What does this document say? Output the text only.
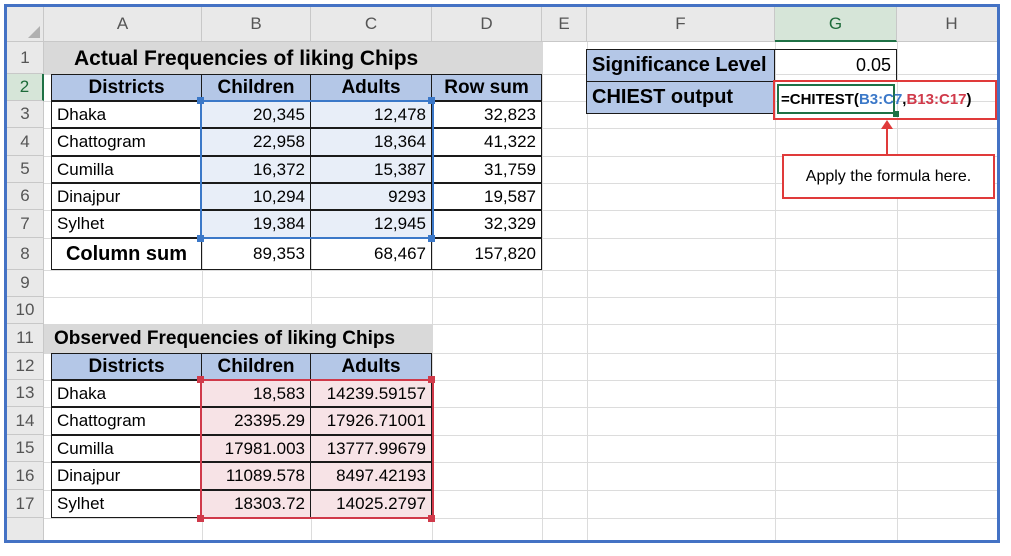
A	B	C	D	E	F	G	H
1
2
3
4
5
6
7
8
9
10
11
12
13
14
15
16
17
Actual Frequencies of liking Chips
Districts	Children	Adults	Row sum
Dhaka	20,345	12,478	32,823
Chattogram	22,958	18,364	41,322
Cumilla	16,372	15,387	31,759
Dinajpur	10,294	9293	19,587
Sylhet	19,384	12,945	32,329
Column sum	89,353	68,467	157,820
Observed Frequencies of liking Chips
Districts	Children	Adults
Dhaka	18,583	14239.59157
Chattogram	23395.29	17926.71001
Cumilla	17981.003	13777.99679
Dinajpur	11089.578	8497.42193
Sylhet	18303.72	14025.2797
Significance Level	0.05
CHIEST output	=CHITEST( B3:C7 , B13:C17 )
Apply the formula here.
